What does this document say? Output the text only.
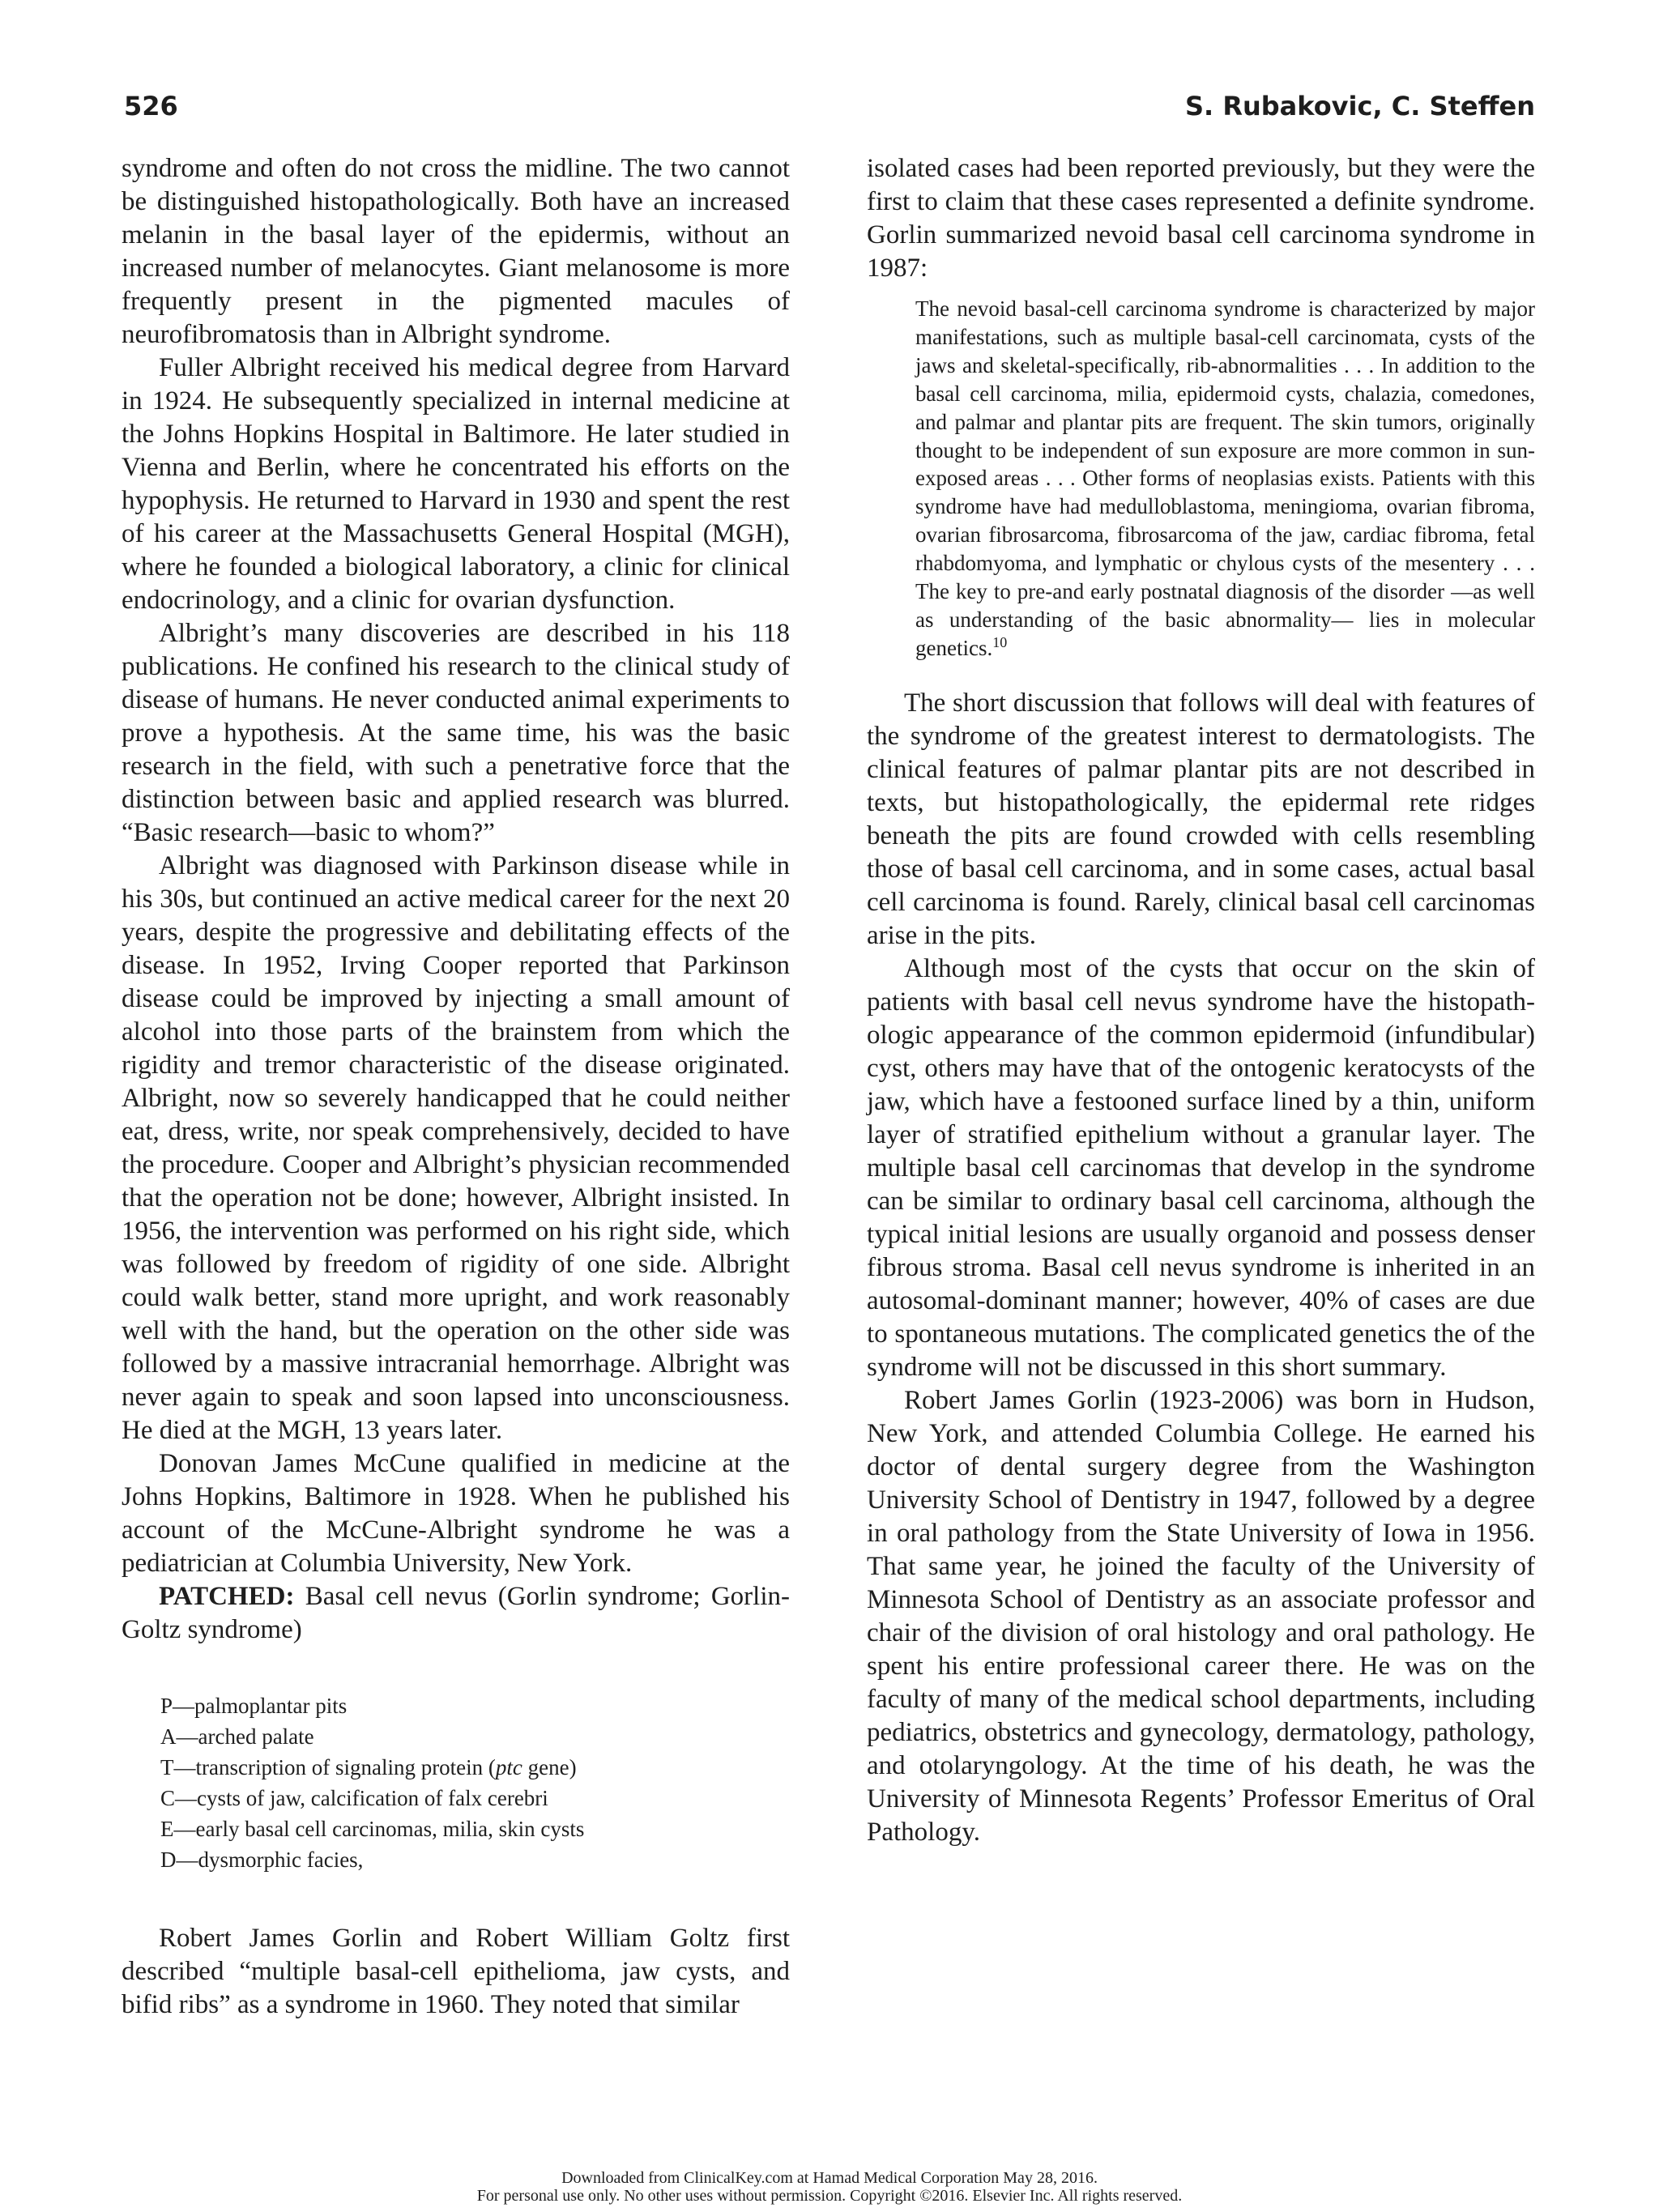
526	S. Rubakovic, C. Steffen

syndrome and often do not cross the midline. The two cannot be distinguished histopathologically. Both have an increased melanin in the basal layer of the epidermis, without an increased number of melanocytes. Giant melanosome is more frequently present in the pigmented macules of neurofibromatosis than in Albright syndrome.

Fuller Albright received his medical degree from Harvard in 1924. He subsequently specialized in internal medicine at the Johns Hopkins Hospital in Baltimore. He later studied in Vienna and Berlin, where he concentrated his efforts on the hypophysis. He returned to Harvard in 1930 and spent the rest of his career at the Massachusetts General Hospital (MGH), where he founded a biological laboratory, a clinic for clinical endocrinology, and a clinic for ovarian dysfunction.

Albright’s many discoveries are described in his 118 publications. He confined his research to the clinical study of disease of humans. He never conducted animal experiments to prove a hypothesis. At the same time, his was the basic research in the field, with such a penetrative force that the distinction between basic and applied research was blurred. “Basic research—basic to whom?”

Albright was diagnosed with Parkinson disease while in his 30s, but continued an active medical career for the next 20 years, despite the progressive and debilitating effects of the disease. In 1952, Irving Cooper reported that Parkinson disease could be improved by injecting a small amount of alcohol into those parts of the brainstem from which the rigidity and tremor characteristic of the disease originated. Albright, now so severely handicapped that he could neither eat, dress, write, nor speak comprehensively, decided to have the procedure. Cooper and Albright’s physician recommended that the operation not be done; however, Albright insisted. In 1956, the intervention was performed on his right side, which was followed by freedom of rigidity of one side. Albright could walk better, stand more upright, and work reasonably well with the hand, but the operation on the other side was followed by a massive intracranial hemorrhage. Albright was never again to speak and soon lapsed into unconsciousness. He died at the MGH, 13 years later.

Donovan James McCune qualified in medicine at the Johns Hopkins, Baltimore in 1928. When he published his account of the McCune-Albright syndrome he was a pediatrician at Columbia University, New York.

PATCHED: Basal cell nevus (Gorlin syndrome; Gorlin-Goltz syndrome)

P—palmoplantar pits
A—arched palate
T—transcription of signaling protein (ptc gene)
C—cysts of jaw, calcification of falx cerebri
E—early basal cell carcinomas, milia, skin cysts
D—dysmorphic facies,

Robert James Gorlin and Robert William Goltz first described “multiple basal-cell epithelioma, jaw cysts, and bifid ribs” as a syndrome in 1960. They noted that similar

isolated cases had been reported previously, but they were the first to claim that these cases represented a definite syndrome. Gorlin summarized nevoid basal cell carcinoma syndrome in 1987:

The nevoid basal-cell carcinoma syndrome is characterized by major manifestations, such as multiple basal-cell carcinomata, cysts of the jaws and skeletal-specifically, rib-abnormalities . . . In addition to the basal cell carcinoma, milia, epidermoid cysts, chalazia, comedones, and palmar and plantar pits are frequent. The skin tumors, originally thought to be independent of sun exposure are more common in sun-exposed areas . . . Other forms of neoplasias exists. Patients with this syndrome have had medulloblastoma, meningioma, ovarian fibroma, ovarian fibrosarcoma, fibrosarcoma of the jaw, cardiac fibroma, fetal rhabdomyoma, and lymphatic or chylous cysts of the mesentery . . . The key to pre-and early postnatal diagnosis of the disorder —as well as understanding of the basic abnormality— lies in molecular genetics.$^{10}$

The short discussion that follows will deal with features of the syndrome of the greatest interest to dermatologists. The clinical features of palmar plantar pits are not described in texts, but histopathologically, the epidermal rete ridges beneath the pits are found crowded with cells resembling those of basal cell carcinoma, and in some cases, actual basal cell carcinoma is found. Rarely, clinical basal cell carcinomas arise in the pits.

Although most of the cysts that occur on the skin of patients with basal cell nevus syndrome have the histopathologic appearance of the common epidermoid (infundibular) cyst, others may have that of the ontogenic keratocysts of the jaw, which have a festooned surface lined by a thin, uniform layer of stratified epithelium without a granular layer. The multiple basal cell carcinomas that develop in the syndrome can be similar to ordinary basal cell carcinoma, although the typical initial lesions are usually organoid and possess denser fibrous stroma. Basal cell nevus syndrome is inherited in an autosomal-dominant manner; however, 40% of cases are due to spontaneous mutations. The complicated genetics the of the syndrome will not be discussed in this short summary.

Robert James Gorlin (1923-2006) was born in Hudson, New York, and attended Columbia College. He earned his doctor of dental surgery degree from the Washington University School of Dentistry in 1947, followed by a degree in oral pathology from the State University of Iowa in 1956. That same year, he joined the faculty of the University of Minnesota School of Dentistry as an associate professor and chair of the division of oral histology and oral pathology. He spent his entire professional career there. He was on the faculty of many of the medical school departments, including pediatrics, obstetrics and gynecology, dermatology, pathology, and otolaryngology. At the time of his death, he was the University of Minnesota Regents’ Professor Emeritus of Oral Pathology.

Downloaded from ClinicalKey.com at Hamad Medical Corporation May 28, 2016.
For personal use only. No other uses without permission. Copyright ©2016. Elsevier Inc. All rights reserved.
